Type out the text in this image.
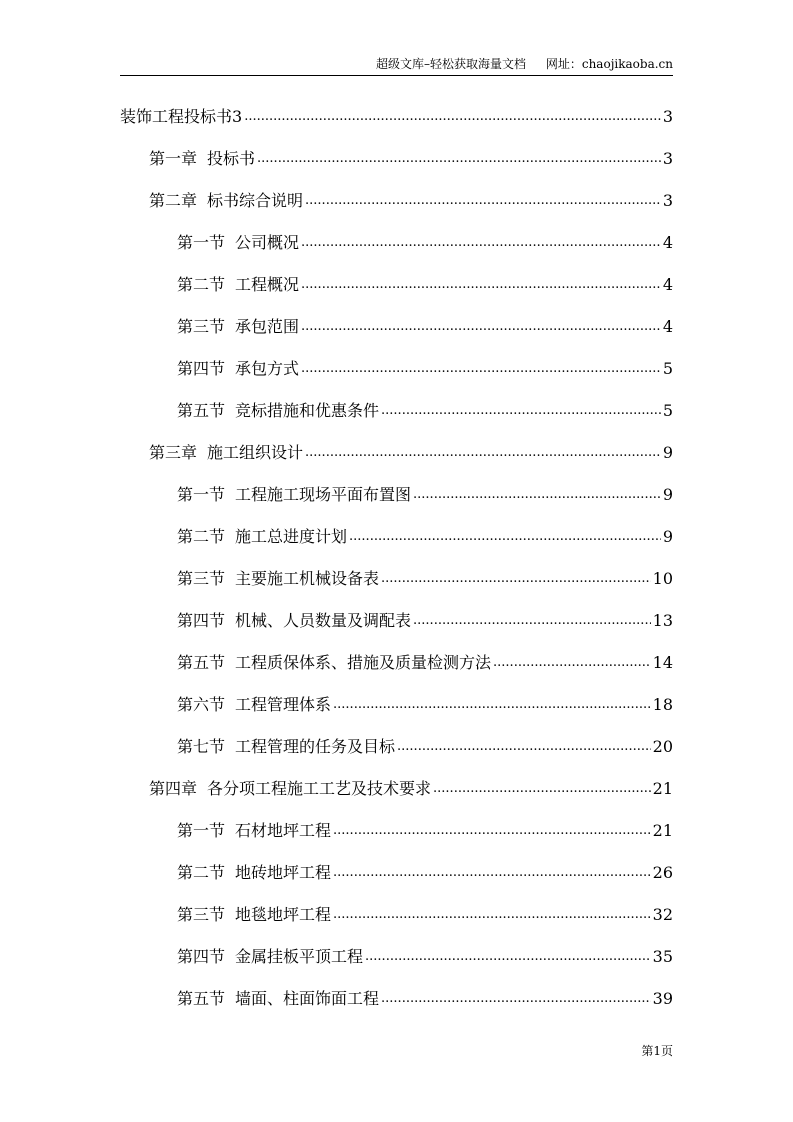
超级文库–轻松获取海量文档 网址：chaojikaoba.cn
装饰工程投标书3 .....	3
第一章 投标书 .....	3
第二章 标书综合说明 .....	3
第一节 公司概况 .....	4
第二节 工程概况 .....	4
第三节 承包范围 .....	4
第四节 承包方式 .....	5
第五节 竞标措施和优惠条件 .....	5
第三章 施工组织设计 .....	9
第一节 工程施工现场平面布置图 .....	9
第二节 施工总进度计划 .....	9
第三节 主要施工机械设备表 .....	10
第四节 机械、人员数量及调配表 .....	13
第五节 工程质保体系、措施及质量检测方法 .....	14
第六节 工程管理体系 .....	18
第七节 工程管理的任务及目标 .....	20
第四章 各分项工程施工工艺及技术要求 .....	21
第一节 石材地坪工程 .....	21
第二节 地砖地坪工程 .....	26
第三节 地毯地坪工程 .....	32
第四节 金属挂板平顶工程 .....	35
第五节 墙面、柱面饰面工程 .....	39
第1页
